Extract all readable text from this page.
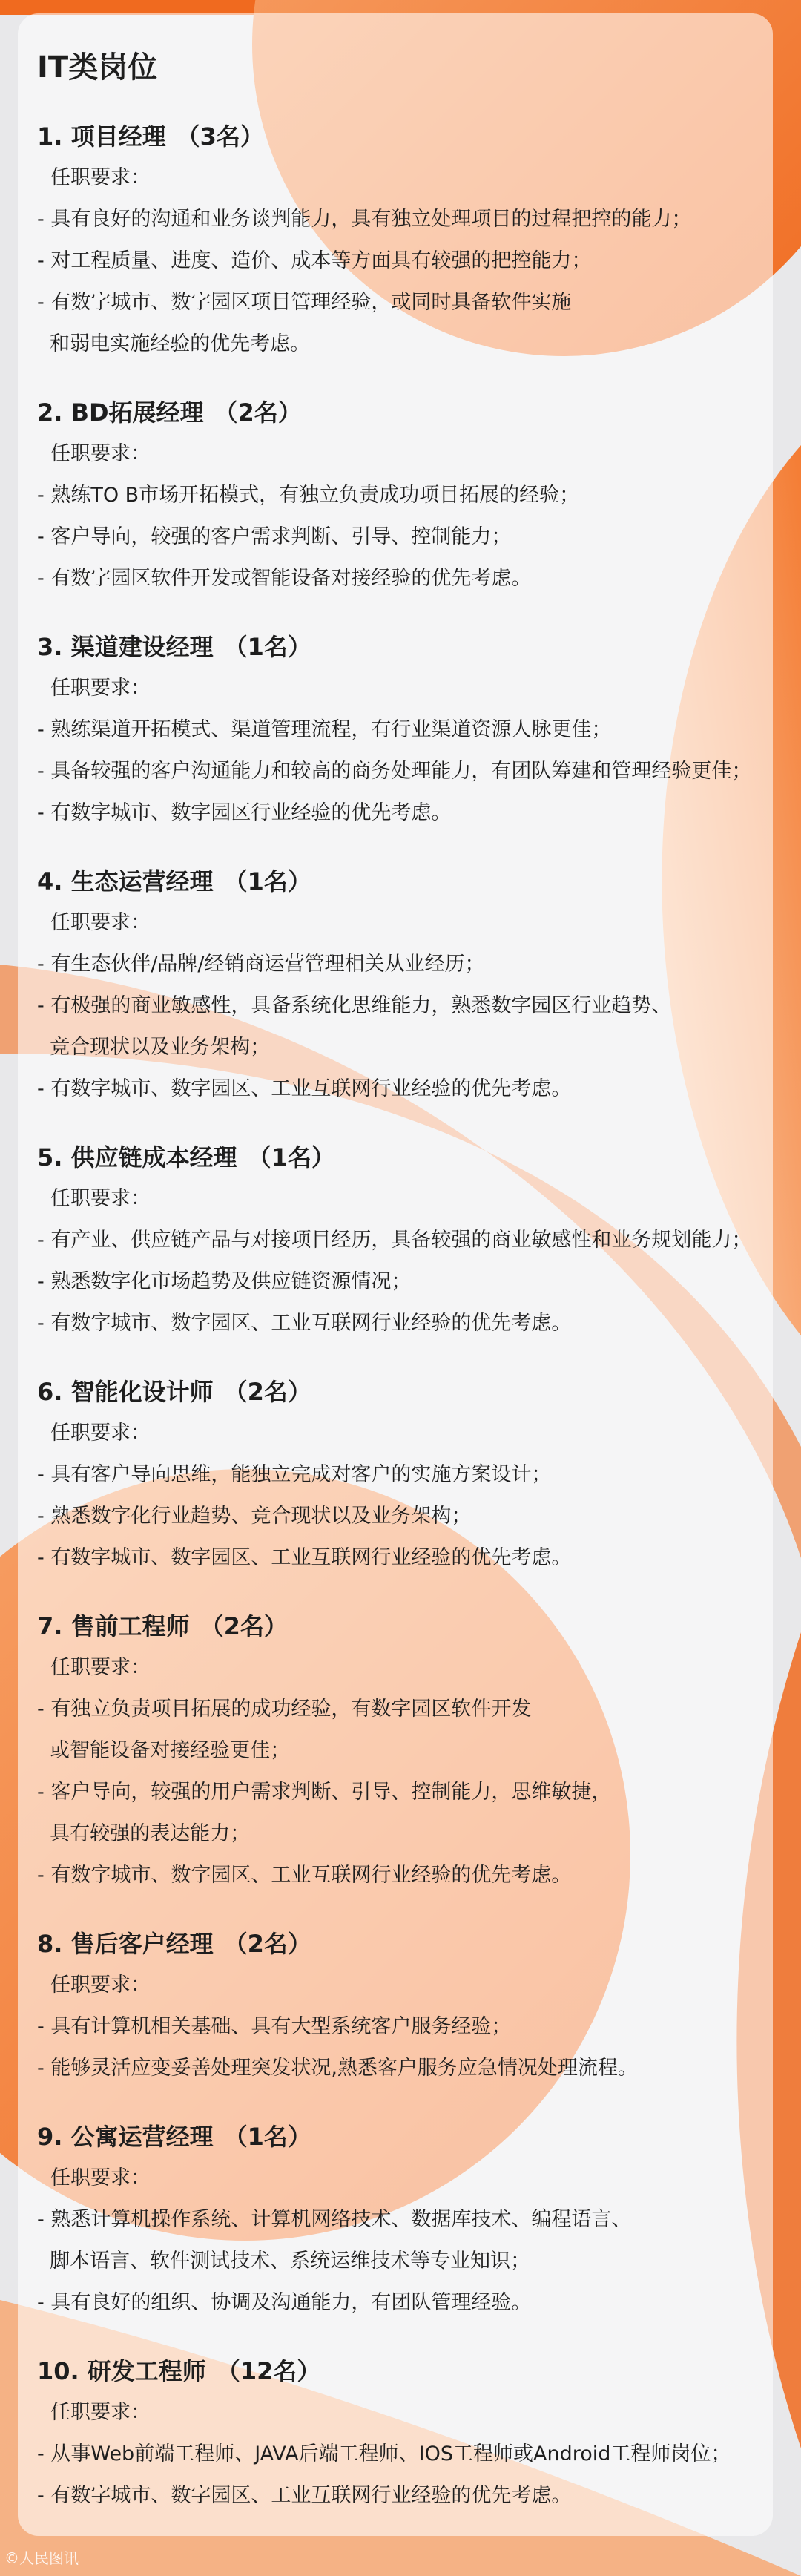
IT类岗位
1. 项目经理 （3名）
任职要求：
- 具有良好的沟通和业务谈判能力，具有独立处理项目的过程把控的能力；
- 对工程质量、进度、造价、成本等方面具有较强的把控能力；
- 有数字城市、数字园区项目管理经验，或同时具备软件实施
和弱电实施经验的优先考虑。
2. BD拓展经理 （2名）
任职要求：
- 熟练TO B市场开拓模式，有独立负责成功项目拓展的经验；
- 客户导向，较强的客户需求判断、引导、控制能力；
- 有数字园区软件开发或智能设备对接经验的优先考虑。
3. 渠道建设经理 （1名）
任职要求：
- 熟练渠道开拓模式、渠道管理流程，有行业渠道资源人脉更佳；
- 具备较强的客户沟通能力和较高的商务处理能力，有团队筹建和管理经验更佳；
- 有数字城市、数字园区行业经验的优先考虑。
4. 生态运营经理 （1名）
任职要求：
- 有生态伙伴/品牌/经销商运营管理相关从业经历；
- 有极强的商业敏感性，具备系统化思维能力，熟悉数字园区行业趋势、
竞合现状以及业务架构；
- 有数字城市、数字园区、工业互联网行业经验的优先考虑。
5. 供应链成本经理 （1名）
任职要求：
- 有产业、供应链产品与对接项目经历，具备较强的商业敏感性和业务规划能力；
- 熟悉数字化市场趋势及供应链资源情况；
- 有数字城市、数字园区、工业互联网行业经验的优先考虑。
6. 智能化设计师 （2名）
任职要求：
- 具有客户导向思维，能独立完成对客户的实施方案设计；
- 熟悉数字化行业趋势、竞合现状以及业务架构；
- 有数字城市、数字园区、工业互联网行业经验的优先考虑。
7. 售前工程师 （2名）
任职要求：
- 有独立负责项目拓展的成功经验，有数字园区软件开发
或智能设备对接经验更佳；
- 客户导向，较强的用户需求判断、引导、控制能力，思维敏捷，
具有较强的表达能力；
- 有数字城市、数字园区、工业互联网行业经验的优先考虑。
8. 售后客户经理 （2名）
任职要求：
- 具有计算机相关基础、具有大型系统客户服务经验；
- 能够灵活应变妥善处理突发状况,熟悉客户服务应急情况处理流程。
9. 公寓运营经理 （1名）
任职要求：
- 熟悉计算机操作系统、计算机网络技术、数据库技术、编程语言、
脚本语言、软件测试技术、系统运维技术等专业知识；
- 具有良好的组织、协调及沟通能力，有团队管理经验。
10. 研发工程师 （12名）
任职要求：
- 从事Web前端工程师、JAVA后端工程师、IOS工程师或Android工程师岗位；
- 有数字城市、数字园区、工业互联网行业经验的优先考虑。
©人民图讯
